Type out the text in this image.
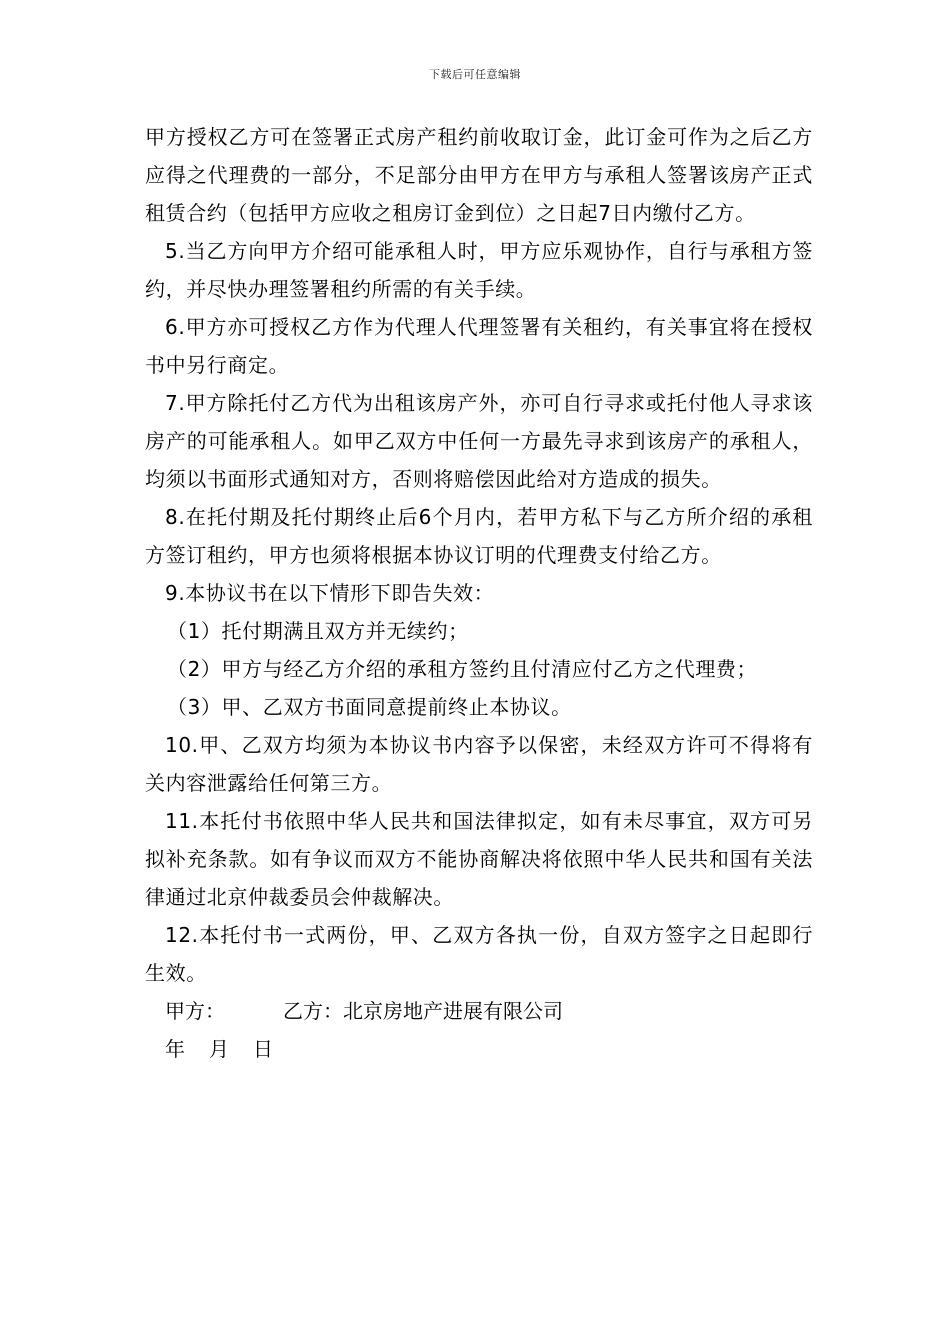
下载后可任意编辑

甲方授权乙方可在签署正式房产租约前收取订金，此订金可作为之后乙方应得之代理费的一部分，不足部分由甲方在甲方与承租人签署该房产正式租赁合约（包括甲方应收之租房订金到位）之日起7日内缴付乙方。

5.当乙方向甲方介绍可能承租人时，甲方应乐观协作，自行与承租方签约，并尽快办理签署租约所需的有关手续。

6.甲方亦可授权乙方作为代理人代理签署有关租约，有关事宜将在授权书中另行商定。

7.甲方除托付乙方代为出租该房产外，亦可自行寻求或托付他人寻求该房产的可能承租人。如甲乙双方中任何一方最先寻求到该房产的承租人，均须以书面形式通知对方，否则将赔偿因此给对方造成的损失。

8.在托付期及托付期终止后6个月内，若甲方私下与乙方所介绍的承租方签订租约，甲方也须将根据本协议订明的代理费支付给乙方。

9.本协议书在以下情形下即告失效：

（1）托付期满且双方并无续约；

（2）甲方与经乙方介绍的承租方签约且付清应付乙方之代理费；

（3）甲、乙双方书面同意提前终止本协议。

10.甲、乙双方均须为本协议书内容予以保密，未经双方许可不得将有关内容泄露给任何第三方。

11.本托付书依照中华人民共和国法律拟定，如有未尽事宜，双方可另拟补充条款。如有争议而双方不能协商解决将依照中华人民共和国有关法律通过北京仲裁委员会仲裁解决。

12.本托付书一式两份，甲、乙双方各执一份，自双方签字之日起即行生效。

甲方：	乙方：北京房地产进展有限公司

年 月 日
